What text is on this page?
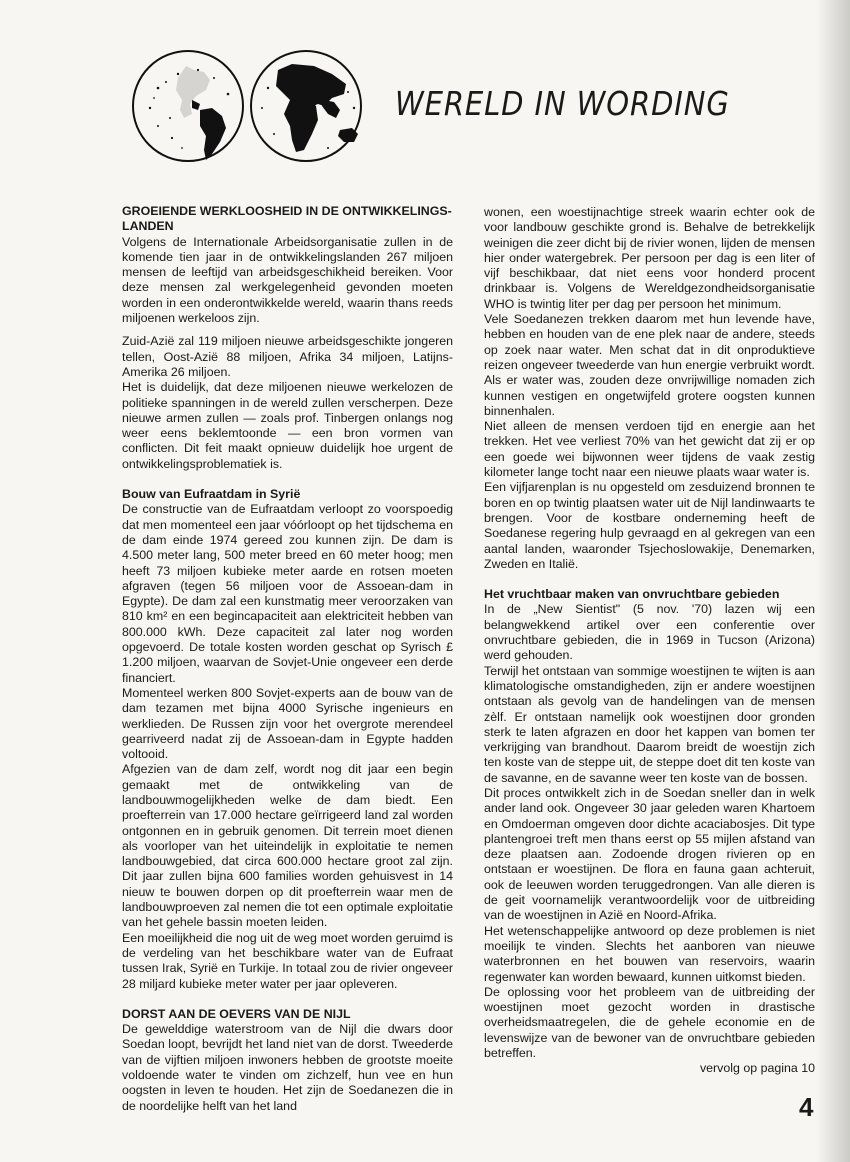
WERELD IN WORDING
GROEIENDE WERKLOOSHEID IN DE ONTWIKKELINGS-LANDEN

Volgens de Internationale Arbeidsorganisatie zullen in de komende tien jaar in de ontwikkelingslanden 267 miljoen mensen de leeftijd van arbeidsgeschikheid bereiken. Voor deze mensen zal werkgelegenheid gevonden moeten worden in een onderontwikkelde wereld, waarin thans reeds miljoenen werkeloos zijn.

Zuid-Azië zal 119 miljoen nieuwe arbeidsgeschikte jongeren tellen, Oost-Azië 88 miljoen, Afrika 34 miljoen, Latijns-Amerika 26 miljoen.

Het is duidelijk, dat deze miljoenen nieuwe werkelozen de politieke spanningen in de wereld zullen verscherpen. Deze nieuwe armen zullen — zoals prof. Tinbergen onlangs nog weer eens beklemtoonde — een bron vormen van conflicten. Dit feit maakt opnieuw duidelijk hoe urgent de ontwikkelingsproblematiek is.

Bouw van Eufraatdam in Syrië

De constructie van de Eufraatdam verloopt zo voorspoedig dat men momenteel een jaar vóórloopt op het tijdschema en de dam einde 1974 gereed zou kunnen zijn. De dam is 4.500 meter lang, 500 meter breed en 60 meter hoog; men heeft 73 miljoen kubieke meter aarde en rotsen moeten afgraven (tegen 56 miljoen voor de Assoean-dam in Egypte). De dam zal een kunstmatig meer veroorzaken van 810 km² en een begincapaciteit aan elektriciteit hebben van 800.000 kWh. Deze capaciteit zal later nog worden opgevoerd. De totale kosten worden geschat op Syrisch £ 1.200 miljoen, waarvan de Sovjet-Unie ongeveer een derde financiert.

Momenteel werken 800 Sovjet-experts aan de bouw van de dam tezamen met bijna 4000 Syrische ingenieurs en werklieden. De Russen zijn voor het overgrote merendeel gearriveerd nadat zij de Assoean-dam in Egypte hadden voltooid.

Afgezien van de dam zelf, wordt nog dit jaar een begin gemaakt met de ontwikkeling van de landbouwmogelijkheden welke de dam biedt. Een proefterrein van 17.000 hectare geïrrigeerd land zal worden ontgonnen en in gebruik genomen. Dit terrein moet dienen als voorloper van het uiteindelijk in exploitatie te nemen landbouwgebied, dat circa 600.000 hectare groot zal zijn. Dit jaar zullen bijna 600 families worden gehuisvest in 14 nieuw te bouwen dorpen op dit proefterrein waar men de landbouwproeven zal nemen die tot een optimale exploitatie van het gehele bassin moeten leiden.

Een moeilijkheid die nog uit de weg moet worden geruimd is de verdeling van het beschikbare water van de Eufraat tussen Irak, Syrië en Turkije. In totaal zou de rivier ongeveer 28 miljard kubieke meter water per jaar opleveren.

DORST AAN DE OEVERS VAN DE NIJL

De gewelddige waterstroom van de Nijl die dwars door Soedan loopt, bevrijdt het land niet van de dorst. Tweederde van de vijftien miljoen inwoners hebben de grootste moeite voldoende water te vinden om zichzelf, hun vee en hun oogsten in leven te houden. Het zijn de Soedanezen die in de noordelijke helft van het land

wonen, een woestijnachtige streek waarin echter ook de voor landbouw geschikte grond is. Behalve de betrekkelijk weinigen die zeer dicht bij de rivier wonen, lijden de mensen hier onder watergebrek. Per persoon per dag is een liter of vijf beschikbaar, dat niet eens voor honderd procent drinkbaar is. Volgens de Wereldgezondheidsorganisatie WHO is twintig liter per dag per persoon het minimum.

Vele Soedanezen trekken daarom met hun levende have, hebben en houden van de ene plek naar de andere, steeds op zoek naar water. Men schat dat in dit onproduktieve reizen ongeveer tweederde van hun energie verbruikt wordt. Als er water was, zouden deze onvrijwillige nomaden zich kunnen vestigen en ongetwijfeld grotere oogsten kunnen binnenhalen.

Niet alleen de mensen verdoen tijd en energie aan het trekken. Het vee verliest 70% van het gewicht dat zij er op een goede wei bijwonnen weer tijdens de vaak zestig kilometer lange tocht naar een nieuwe plaats waar water is.

Een vijfjarenplan is nu opgesteld om zesduizend bronnen te boren en op twintig plaatsen water uit de Nijl landinwaarts te brengen. Voor de kostbare onderneming heeft de Soedanese regering hulp gevraagd en al gekregen van een aantal landen, waaronder Tsjechoslowakije, Denemarken, Zweden en Italië.

Het vruchtbaar maken van onvruchtbare gebieden

In de „New Sientist" (5 nov. '70) lazen wij een belangwekkend artikel over een conferentie over onvruchtbare gebieden, die in 1969 in Tucson (Arizona) werd gehouden.

Terwijl het ontstaan van sommige woestijnen te wijten is aan klimatologische omstandigheden, zijn er andere woestijnen ontstaan als gevolg van de handelingen van de mensen zèlf. Er ontstaan namelijk ook woestijnen door gronden sterk te laten afgrazen en door het kappen van bomen ter verkrijging van brandhout. Daarom breidt de woestijn zich ten koste van de steppe uit, de steppe doet dit ten koste van de savanne, en de savanne weer ten koste van de bossen.

Dit proces ontwikkelt zich in de Soedan sneller dan in welk ander land ook. Ongeveer 30 jaar geleden waren Khartoem en Omdoerman omgeven door dichte acaciabosjes. Dit type plantengroei treft men thans eerst op 55 mijlen afstand van deze plaatsen aan. Zodoende drogen rivieren op en ontstaan er woestijnen. De flora en fauna gaan achteruit, ook de leeuwen worden teruggedrongen. Van alle dieren is de geit voornamelijk verantwoordelijk voor de uitbreiding van de woestijnen in Azië en Noord-Afrika.

Het wetenschappelijke antwoord op deze problemen is niet moeilijk te vinden. Slechts het aanboren van nieuwe waterbronnen en het bouwen van reservoirs, waarin regenwater kan worden bewaard, kunnen uitkomst bieden.

De oplossing voor het probleem van de uitbreiding der woestijnen moet gezocht worden in drastische overheidsmaatregelen, die de gehele economie en de levenswijze van de bewoner van de onvruchtbare gebieden betreffen.

vervolg op pagina 10

4
